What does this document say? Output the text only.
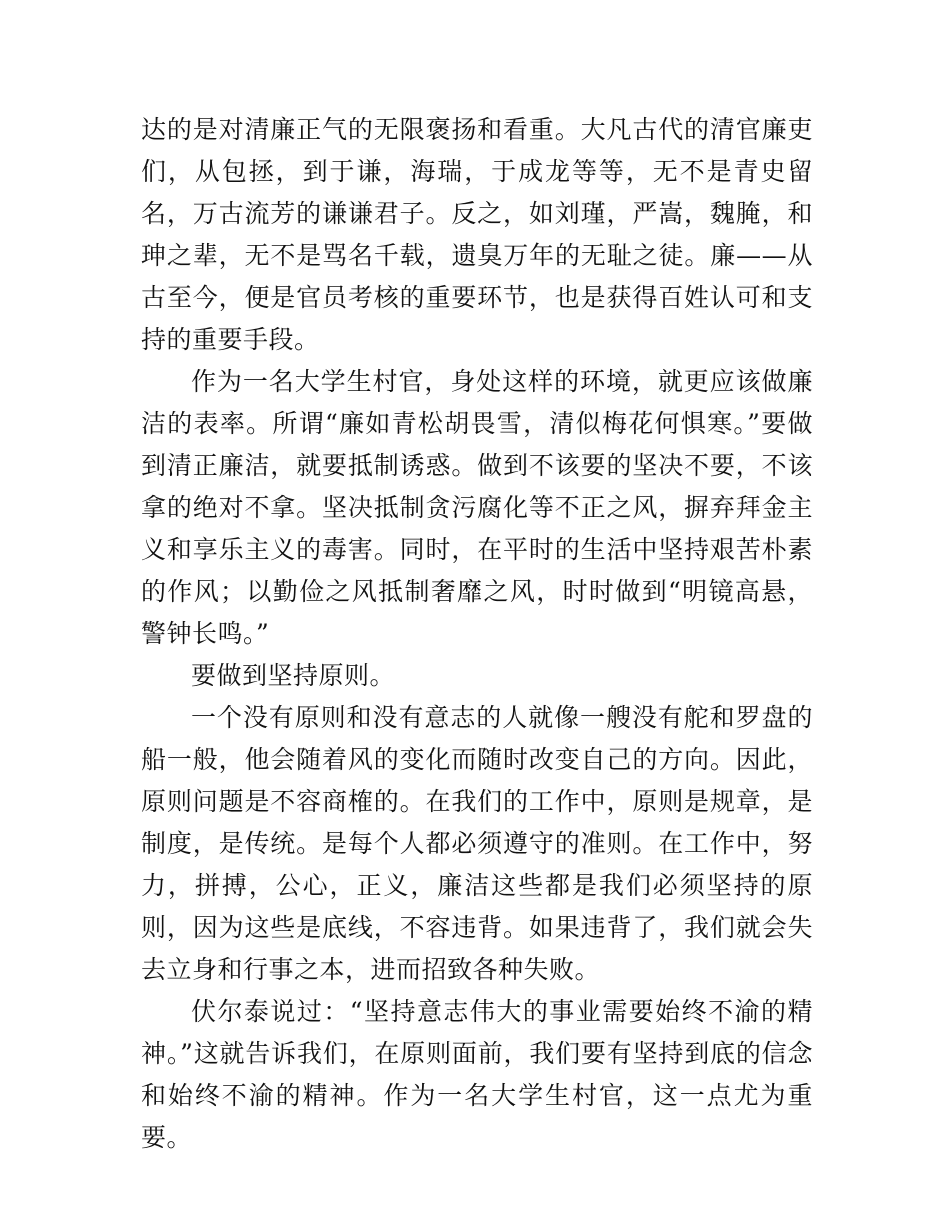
达的是对清廉正气的无限褒扬和看重。大凡古代的清官廉吏们，从包拯，到于谦，海瑞，于成龙等等，无不是青史留名，万古流芳的谦谦君子。反之，如刘瑾，严嵩，魏腌，和珅之辈，无不是骂名千载，遗臭万年的无耻之徒。廉——从古至今，便是官员考核的重要环节，也是获得百姓认可和支持的重要手段。

作为一名大学生村官，身处这样的环境，就更应该做廉洁的表率。所谓“廉如青松胡畏雪，清似梅花何惧寒。”要做到清正廉洁，就要抵制诱惑。做到不该要的坚决不要，不该拿的绝对不拿。坚决抵制贪污腐化等不正之风，摒弃拜金主义和享乐主义的毒害。同时，在平时的生活中坚持艰苦朴素的作风；以勤俭之风抵制奢靡之风，时时做到“明镜高悬，警钟长鸣。”

要做到坚持原则。

一个没有原则和没有意志的人就像一艘没有舵和罗盘的船一般，他会随着风的变化而随时改变自己的方向。因此，原则问题是不容商榷的。在我们的工作中，原则是规章，是制度，是传统。是每个人都必须遵守的准则。在工作中，努力，拼搏，公心，正义，廉洁这些都是我们必须坚持的原则，因为这些是底线，不容违背。如果违背了，我们就会失去立身和行事之本，进而招致各种失败。

伏尔泰说过：“坚持意志伟大的事业需要始终不渝的精神。”这就告诉我们，在原则面前，我们要有坚持到底的信念和始终不渝的精神。作为一名大学生村官，这一点尤为重要。
